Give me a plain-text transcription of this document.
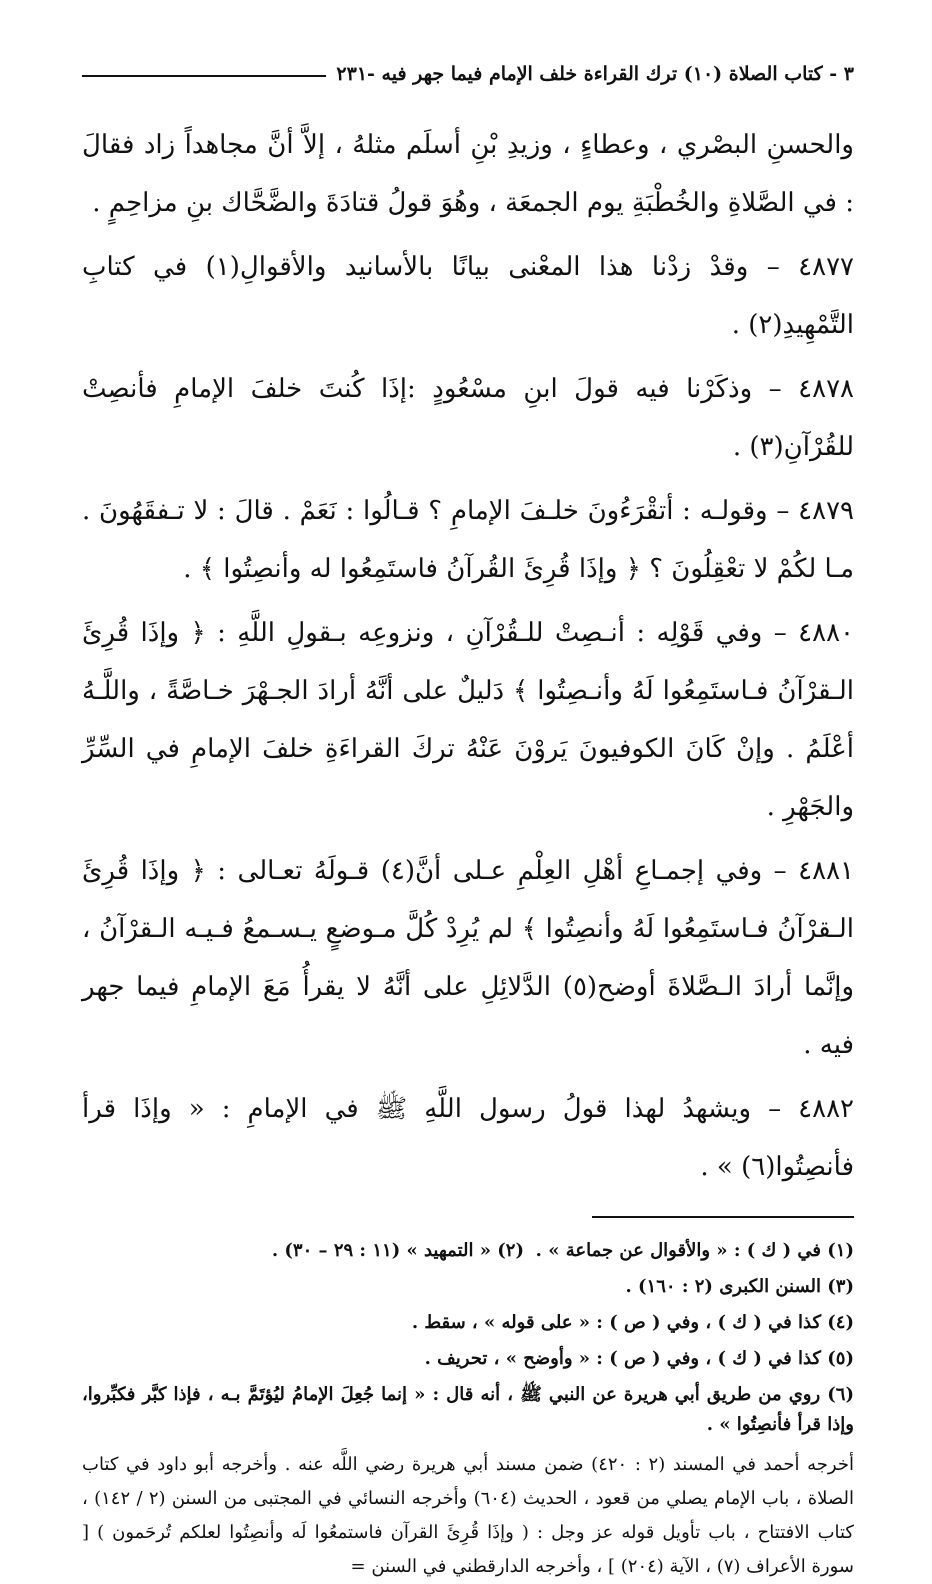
٣ - كتاب الصلاة (١٠) ترك القراءة خلف الإمام فيما جهر فيه -٢٣١

والحسنِ البصْري ، وعطاءٍ ، وزيدِ بْنِ أسلَم مثلهُ ، إلاَّ أنَّ مجاهداً زاد فقالَ : في الصَّلاةِ والخُطْبَةِ يوم الجمعَة ، وهُوَ قولُ قتادَةَ والضَّحَّاك بنِ مزاحِمٍ .

٤٨٧٧ – وقدْ زدْنا هذا المعْنى بيانًا بالأسانيد والأقوالِ(١) في كتابِ التَّمْهِيدِ(٢) .

٤٨٧٨ – وذكَرْنا فيه قولَ ابنِ مسْعُودٍ :إذَا كُنتَ خلفَ الإمامِ فأنصِتْ للقُرْآنِ(٣) .

٤٨٧٩ – وقولـه : أتقْرَءُونَ خلـفَ الإمامِ ؟ قـالُوا : نَعَمْ . قالَ : لا تـفقَهُونَ . مـا لكُمْ لا تعْقِلُونَ ؟ ﴿ وإذَا قُرِئَ القُرآنُ فاستَمِعُوا له وأنصِتُوا ﴾ .

٤٨٨٠ – وفي قَوْلِه : أنـصِتْ للـقُرْآنِ ، ونزوعِه بـقولِ اللَّهِ : ﴿ وإذَا قُرِئَ الـقرْآنُ فـاستَمِعُوا لَهُ وأنـصِتُوا ﴾ دَليلٌ على أنَّهُ أرادَ الجـهْرَ خـاصَّةً ، واللَّـهُ أعْلَمُ . وإنْ كَانَ الكوفيونَ يَروْنَ عَنْهُ تركَ القراءَةِ خلفَ الإمامِ في السِّرِّ والجَهْرِ .

٤٨٨١ – وفي إجمـاعِ أهْلِ العِلْمِ عـلى أنَّ(٤) قـولَهُ تعـالى : ﴿ وإذَا قُرِئَ الـقرْآنُ فـاستَمِعُوا لَهُ وأنصِتُوا ﴾ لم يُرِدْ كُلَّ مـوضعٍ يـسـمعُ فـيـه الـقرْآنُ ، وإنَّما أرادَ الـصَّلاةَ أوضح(٥) الدَّلائِلِ على أنَّهُ لا يقرأُ مَعَ الإمامِ فيما جهر فيه .

٤٨٨٢ – ويشهدُ لهذا قولُ رسول اللَّهِ ﷺ في الإمامِ : « وإذَا قرأ فأنصِتُوا(٦) » .

(١) في ( ك ) : « والأقوال عن جماعة » .
(٢) « التمهيد » (١١ : ٢٩ – ٣٠) .

(٣) السنن الكبرى (٢ : ١٦٠) .

(٤) كذا في ( ك ) ، وفي ( ص ) : « على قوله » ، سقط .

(٥) كذا في ( ك ) ، وفي ( ص ) : « وأوضح » ، تحريف .

(٦) روي من طريق أبي هريرة عن النبي ﷺ ، أنه قال : « إنما جُعِلَ الإمامُ ليُؤتَمَّ بـه ، فإذا كبَّر فكبِّروا، وإذا قرأ فأنصِتُوا » .

أخرجه أحمد في المسند (٢ : ٤٢٠) ضمن مسند أبي هريرة رضي اللَّه عنه . وأخرجه أبو داود في كتاب الصلاة ، باب الإمام يصلي من قعود ، الحديث (٦٠٤) وأخرجه النسائي في المجتبى من السنن (٢ / ١٤٢) ، كتاب الافتتاح ، باب تأويل قوله عز وجل : ( وإذَا قُرِئَ القرآن فاستمعُوا لَه وأنصِتُوا لعلكم تُرحَمون ) [ سورة الأعراف (٧) ، الآية (٢٠٤) ] ، وأخرجه الدارقطني في السنن =
